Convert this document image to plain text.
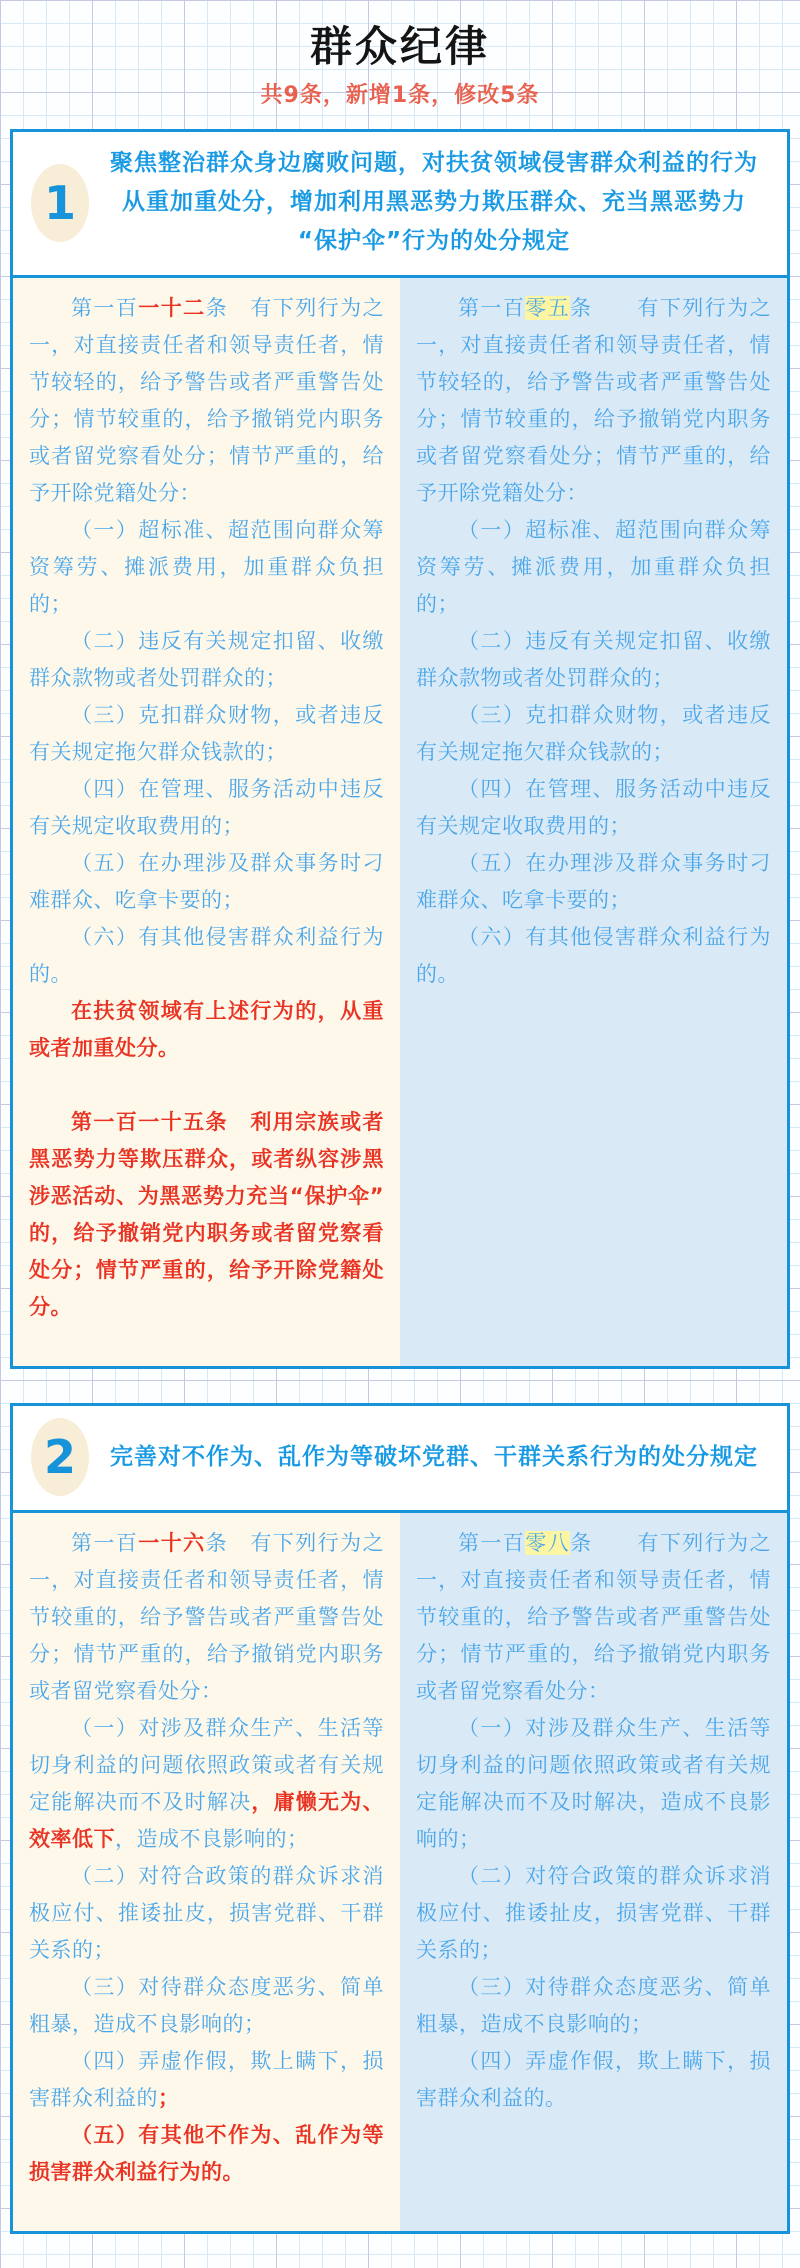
群众纪律
共9条，新增1条，修改5条
1
聚焦整治群众身边腐败问题，对扶贫领域侵害群众利益的行为从重加重处分，增加利用黑恶势力欺压群众、充当黑恶势力“保护伞”行为的处分规定
第一百一十二条　有下列行为之一，对直接责任者和领导责任者，情节较轻的，给予警告或者严重警告处分；情节较重的，给予撤销党内职务或者留党察看处分；情节严重的，给予开除党籍处分：
（一）超标准、超范围向群众筹资筹劳、摊派费用，加重群众负担的；
（二）违反有关规定扣留、收缴群众款物或者处罚群众的；
（三）克扣群众财物，或者违反有关规定拖欠群众钱款的；
（四）在管理、服务活动中违反有关规定收取费用的；
（五）在办理涉及群众事务时刁难群众、吃拿卡要的；
（六）有其他侵害群众利益行为的。
在扶贫领域有上述行为的，从重或者加重处分。
第一百一十五条　利用宗族或者黑恶势力等欺压群众，或者纵容涉黑涉恶活动、为黑恶势力充当“保护伞”的，给予撤销党内职务或者留党察看处分；情节严重的，给予开除党籍处分。
第一百零五条　　有下列行为之一，对直接责任者和领导责任者，情节较轻的，给予警告或者严重警告处分；情节较重的，给予撤销党内职务或者留党察看处分；情节严重的，给予开除党籍处分：
（一）超标准、超范围向群众筹资筹劳、摊派费用，加重群众负担的；
（二）违反有关规定扣留、收缴群众款物或者处罚群众的；
（三）克扣群众财物，或者违反有关规定拖欠群众钱款的；
（四）在管理、服务活动中违反有关规定收取费用的；
（五）在办理涉及群众事务时刁难群众、吃拿卡要的；
（六）有其他侵害群众利益行为的。
2	完善对不作为、乱作为等破坏党群、干群关系行为的处分规定
第一百一十六条　有下列行为之一，对直接责任者和领导责任者，情节较重的，给予警告或者严重警告处分；情节严重的，给予撤销党内职务或者留党察看处分：
（一）对涉及群众生产、生活等切身利益的问题依照政策或者有关规定能解决而不及时解决，庸懒无为、效率低下，造成不良影响的；
（二）对符合政策的群众诉求消极应付、推诿扯皮，损害党群、干群关系的；
（三）对待群众态度恶劣、简单粗暴，造成不良影响的；
（四）弄虚作假，欺上瞒下，损害群众利益的；
（五）有其他不作为、乱作为等损害群众利益行为的。
第一百零八条　　有下列行为之一，对直接责任者和领导责任者，情节较重的，给予警告或者严重警告处分；情节严重的，给予撤销党内职务或者留党察看处分：
（一）对涉及群众生产、生活等切身利益的问题依照政策或者有关规定能解决而不及时解决，造成不良影响的；
（二）对符合政策的群众诉求消极应付、推诿扯皮，损害党群、干群关系的；
（三）对待群众态度恶劣、简单粗暴，造成不良影响的；
（四）弄虚作假，欺上瞒下，损害群众利益的。
